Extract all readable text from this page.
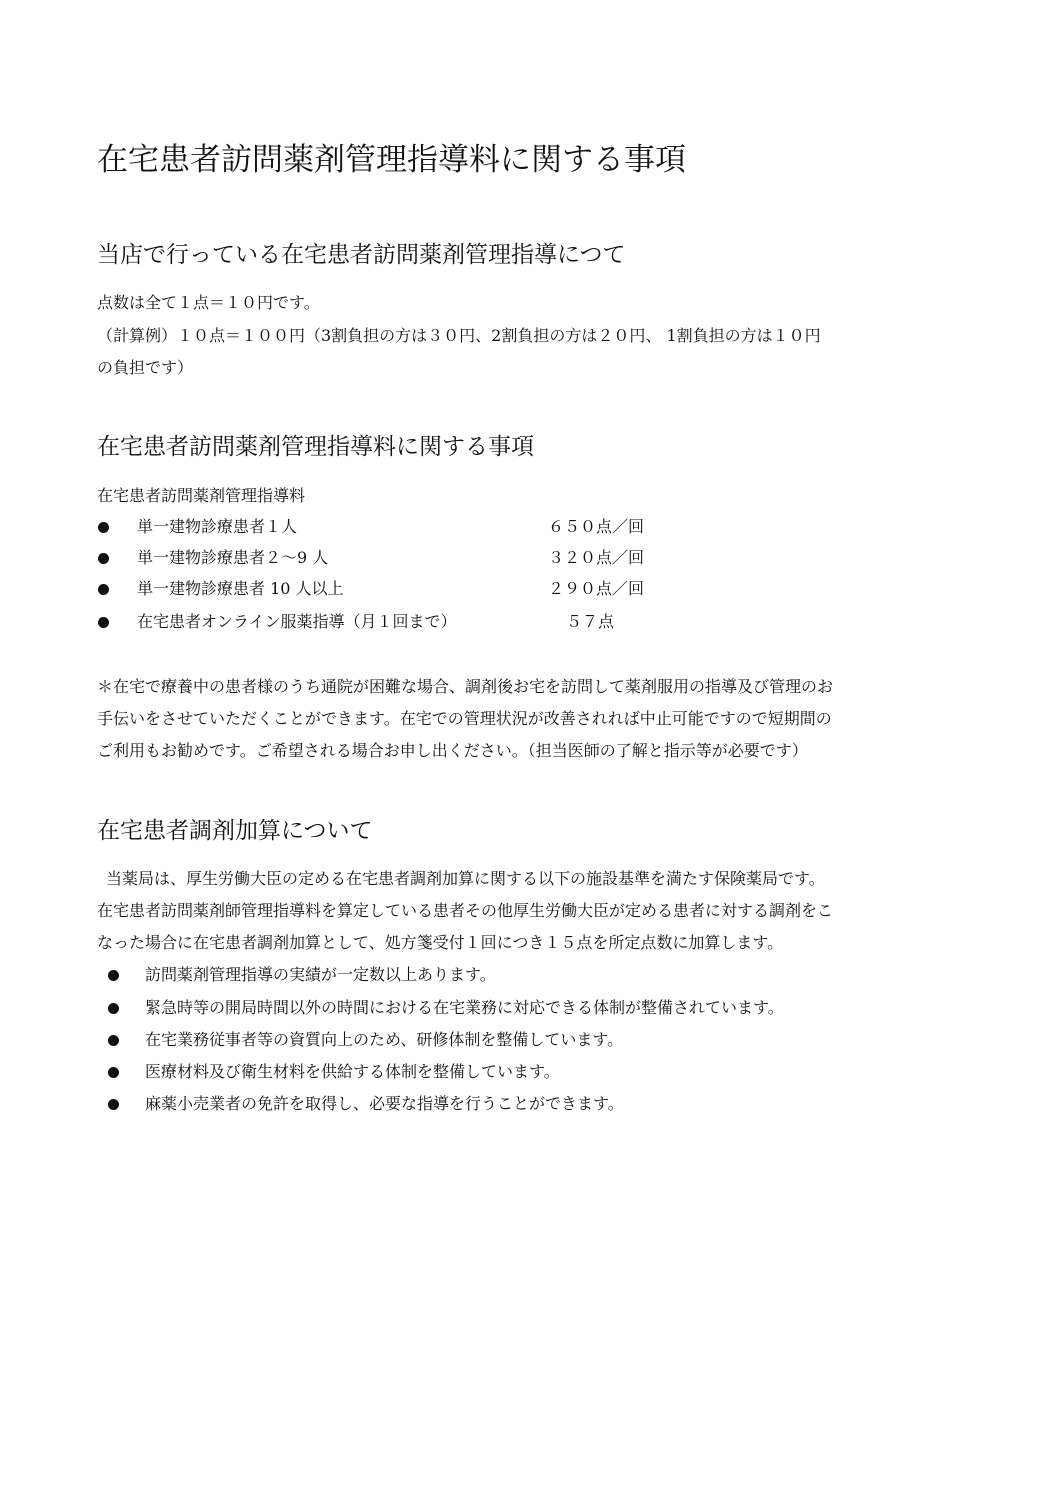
在宅患者訪問薬剤管理指導料に関する事項
当店で行っている在宅患者訪問薬剤管理指導につて

点数は全て１点＝１０円です。

（計算例）１０点＝１００円（3割負担の方は３０円、2割負担の方は２０円、 1割負担の方は１０円

の負担です）

在宅患者訪問薬剤管理指導料に関する事項

在宅患者訪問薬剤管理指導料

単一建物診療患者１人	６５０点／回
単一建物診療患者２～9 人	３２０点／回
単一建物診療患者 10 人以上	２９０点／回
在宅患者オンライン服薬指導（月１回まで）	５７点

＊在宅で療養中の患者様のうち通院が困難な場合、調剤後お宅を訪問して薬剤服用の指導及び管理のお

手伝いをさせていただくことができます。在宅での管理状況が改善されれば中止可能ですので短期間の

ご利用もお勧めです。ご希望される場合お申し出ください。（担当医師の了解と指示等が必要です）

在宅患者調剤加算について

当薬局は、厚生労働大臣の定める在宅患者調剤加算に関する以下の施設基準を満たす保険薬局です。

在宅患者訪問薬剤師管理指導料を算定している患者その他厚生労働大臣が定める患者に対する調剤をこ

なった場合に在宅患者調剤加算として、処方箋受付１回につき１５点を所定点数に加算します。

訪問薬剤管理指導の実績が一定数以上あります。
緊急時等の開局時間以外の時間における在宅業務に対応できる体制が整備されています。
在宅業務従事者等の資質向上のため、研修体制を整備しています。
医療材料及び衛生材料を供給する体制を整備しています。
麻薬小売業者の免許を取得し、必要な指導を行うことができます。
